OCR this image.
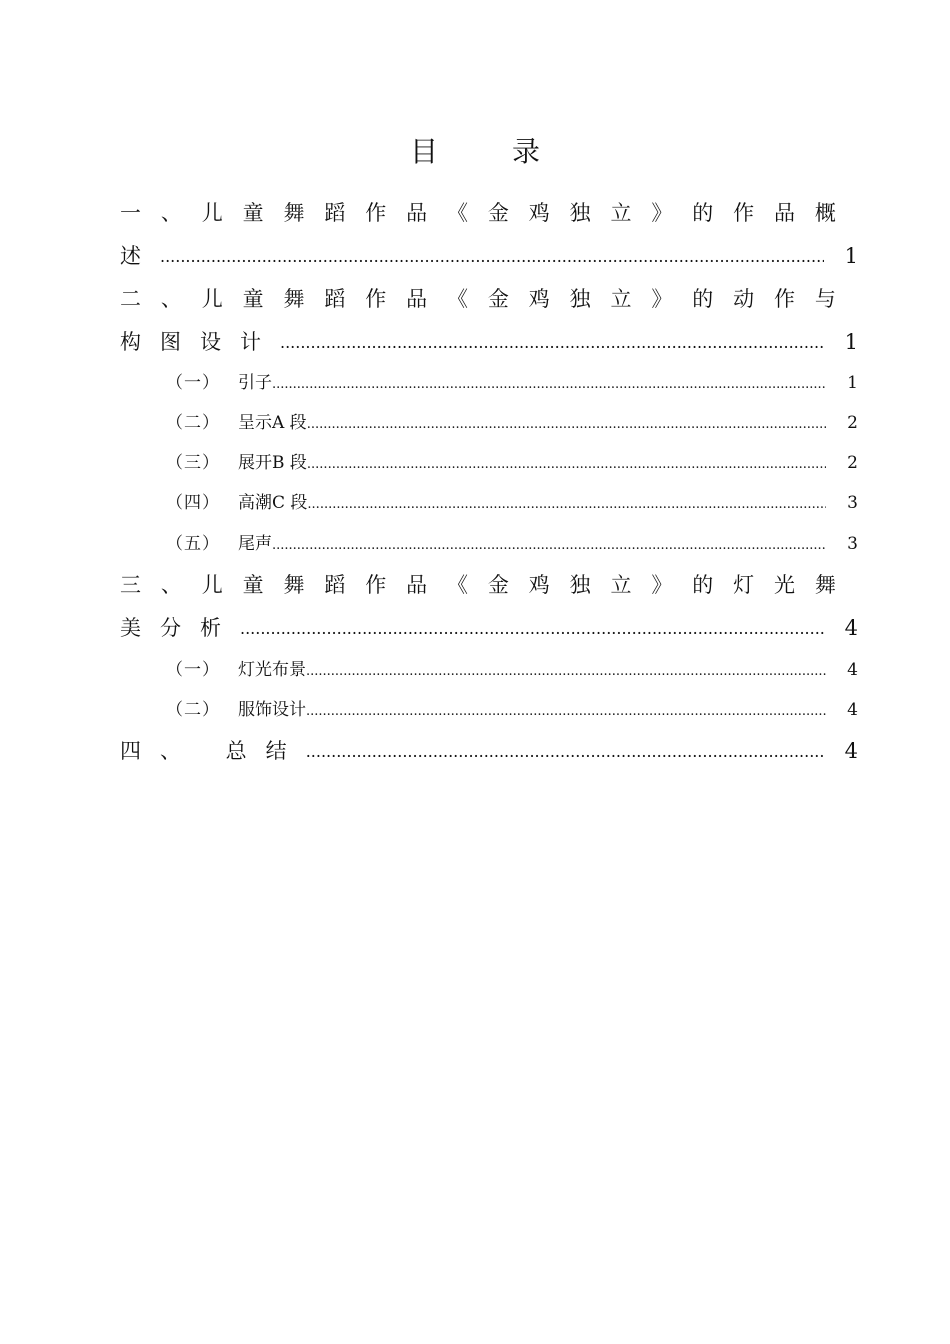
目	录
一 、 儿 童 舞 蹈 作 品 《 金 鸡 独 立 》 的 作 品 概
述 .....	1
二 、 儿 童 舞 蹈 作 品 《 金 鸡 独 立 》 的 动 作 与
构图设计 .....	1
（一）	引子 .....	1
（二）	呈示A 段 .....	2
（三）	展开B 段 .....	2
（四）	高潮C 段 .....	3
（五）	尾声 .....	3
三 、 儿 童 舞 蹈 作 品 《 金 鸡 独 立 》 的 灯 光 舞
美分析 .....	4
（一）	灯光布景 .....	4
（二）	服饰设计 .....	4
四、 总结 .....	4
